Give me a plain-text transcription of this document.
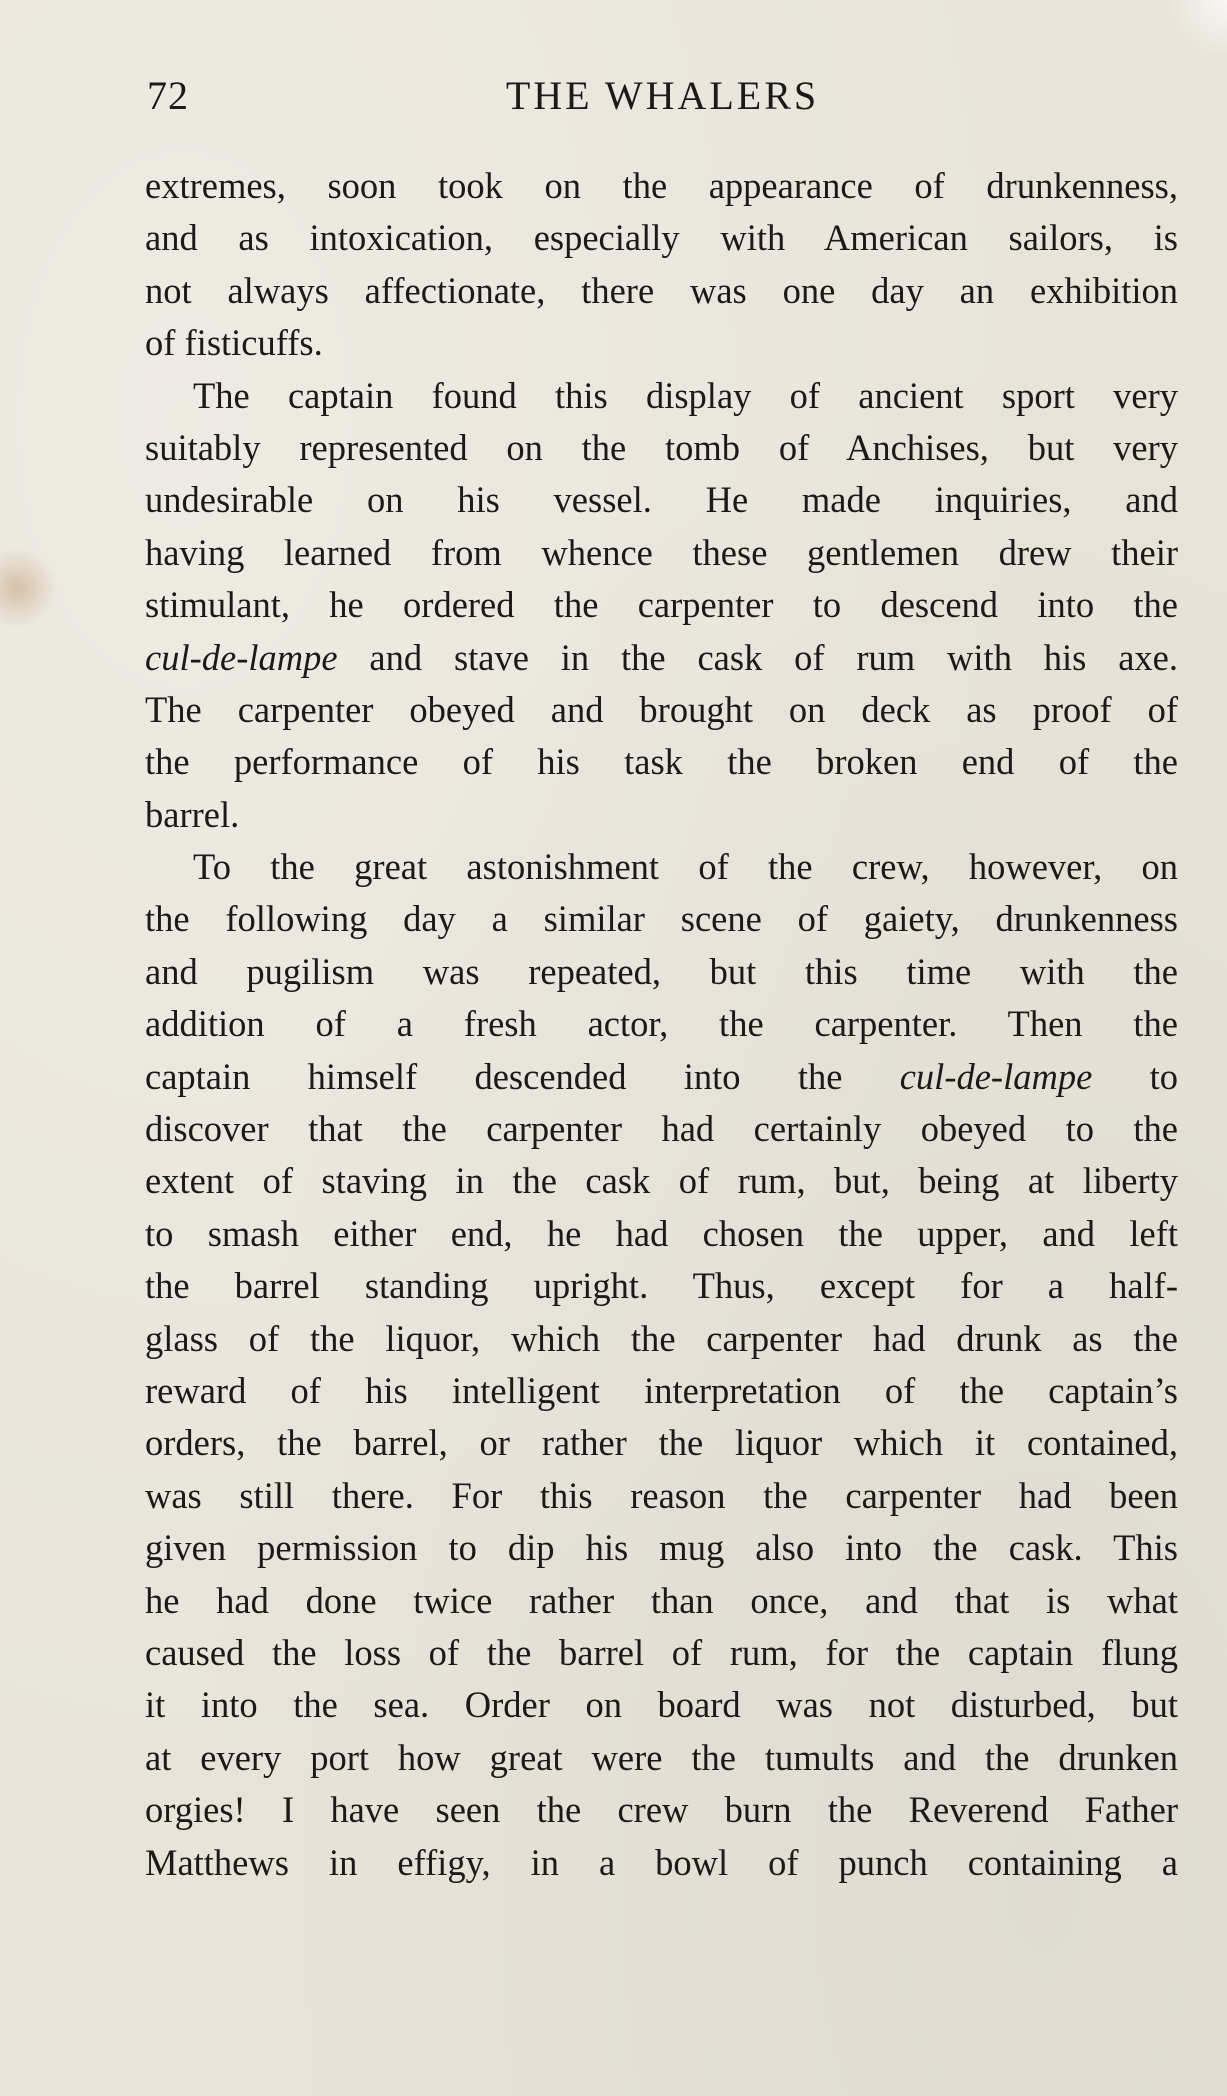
72	THE WHALERS
extremes, soon took on the appearance of drunkenness,
and as intoxication, especially with American sailors, is
not always affectionate, there was one day an exhibition
of fisticuffs.
The captain found this display of ancient sport very
suitably represented on the tomb of Anchises, but very
undesirable on his vessel. He made inquiries, and
having learned from whence these gentlemen drew their
stimulant, he ordered the carpenter to descend into the
cul-de-lampe and stave in the cask of rum with his axe.
The carpenter obeyed and brought on deck as proof of
the performance of his task the broken end of the
barrel.
To the great astonishment of the crew, however, on
the following day a similar scene of gaiety, drunkenness
and pugilism was repeated, but this time with the
addition of a fresh actor, the carpenter. Then the
captain himself descended into the cul-de-lampe to
discover that the carpenter had certainly obeyed to the
extent of staving in the cask of rum, but, being at liberty
to smash either end, he had chosen the upper, and left
the barrel standing upright. Thus, except for a half-
glass of the liquor, which the carpenter had drunk as the
reward of his intelligent interpretation of the captain’s
orders, the barrel, or rather the liquor which it contained,
was still there. For this reason the carpenter had been
given permission to dip his mug also into the cask. This
he had done twice rather than once, and that is what
caused the loss of the barrel of rum, for the captain flung
it into the sea. Order on board was not disturbed, but
at every port how great were the tumults and the drunken
orgies! I have seen the crew burn the Reverend Father
Matthews in effigy, in a bowl of punch containing a
